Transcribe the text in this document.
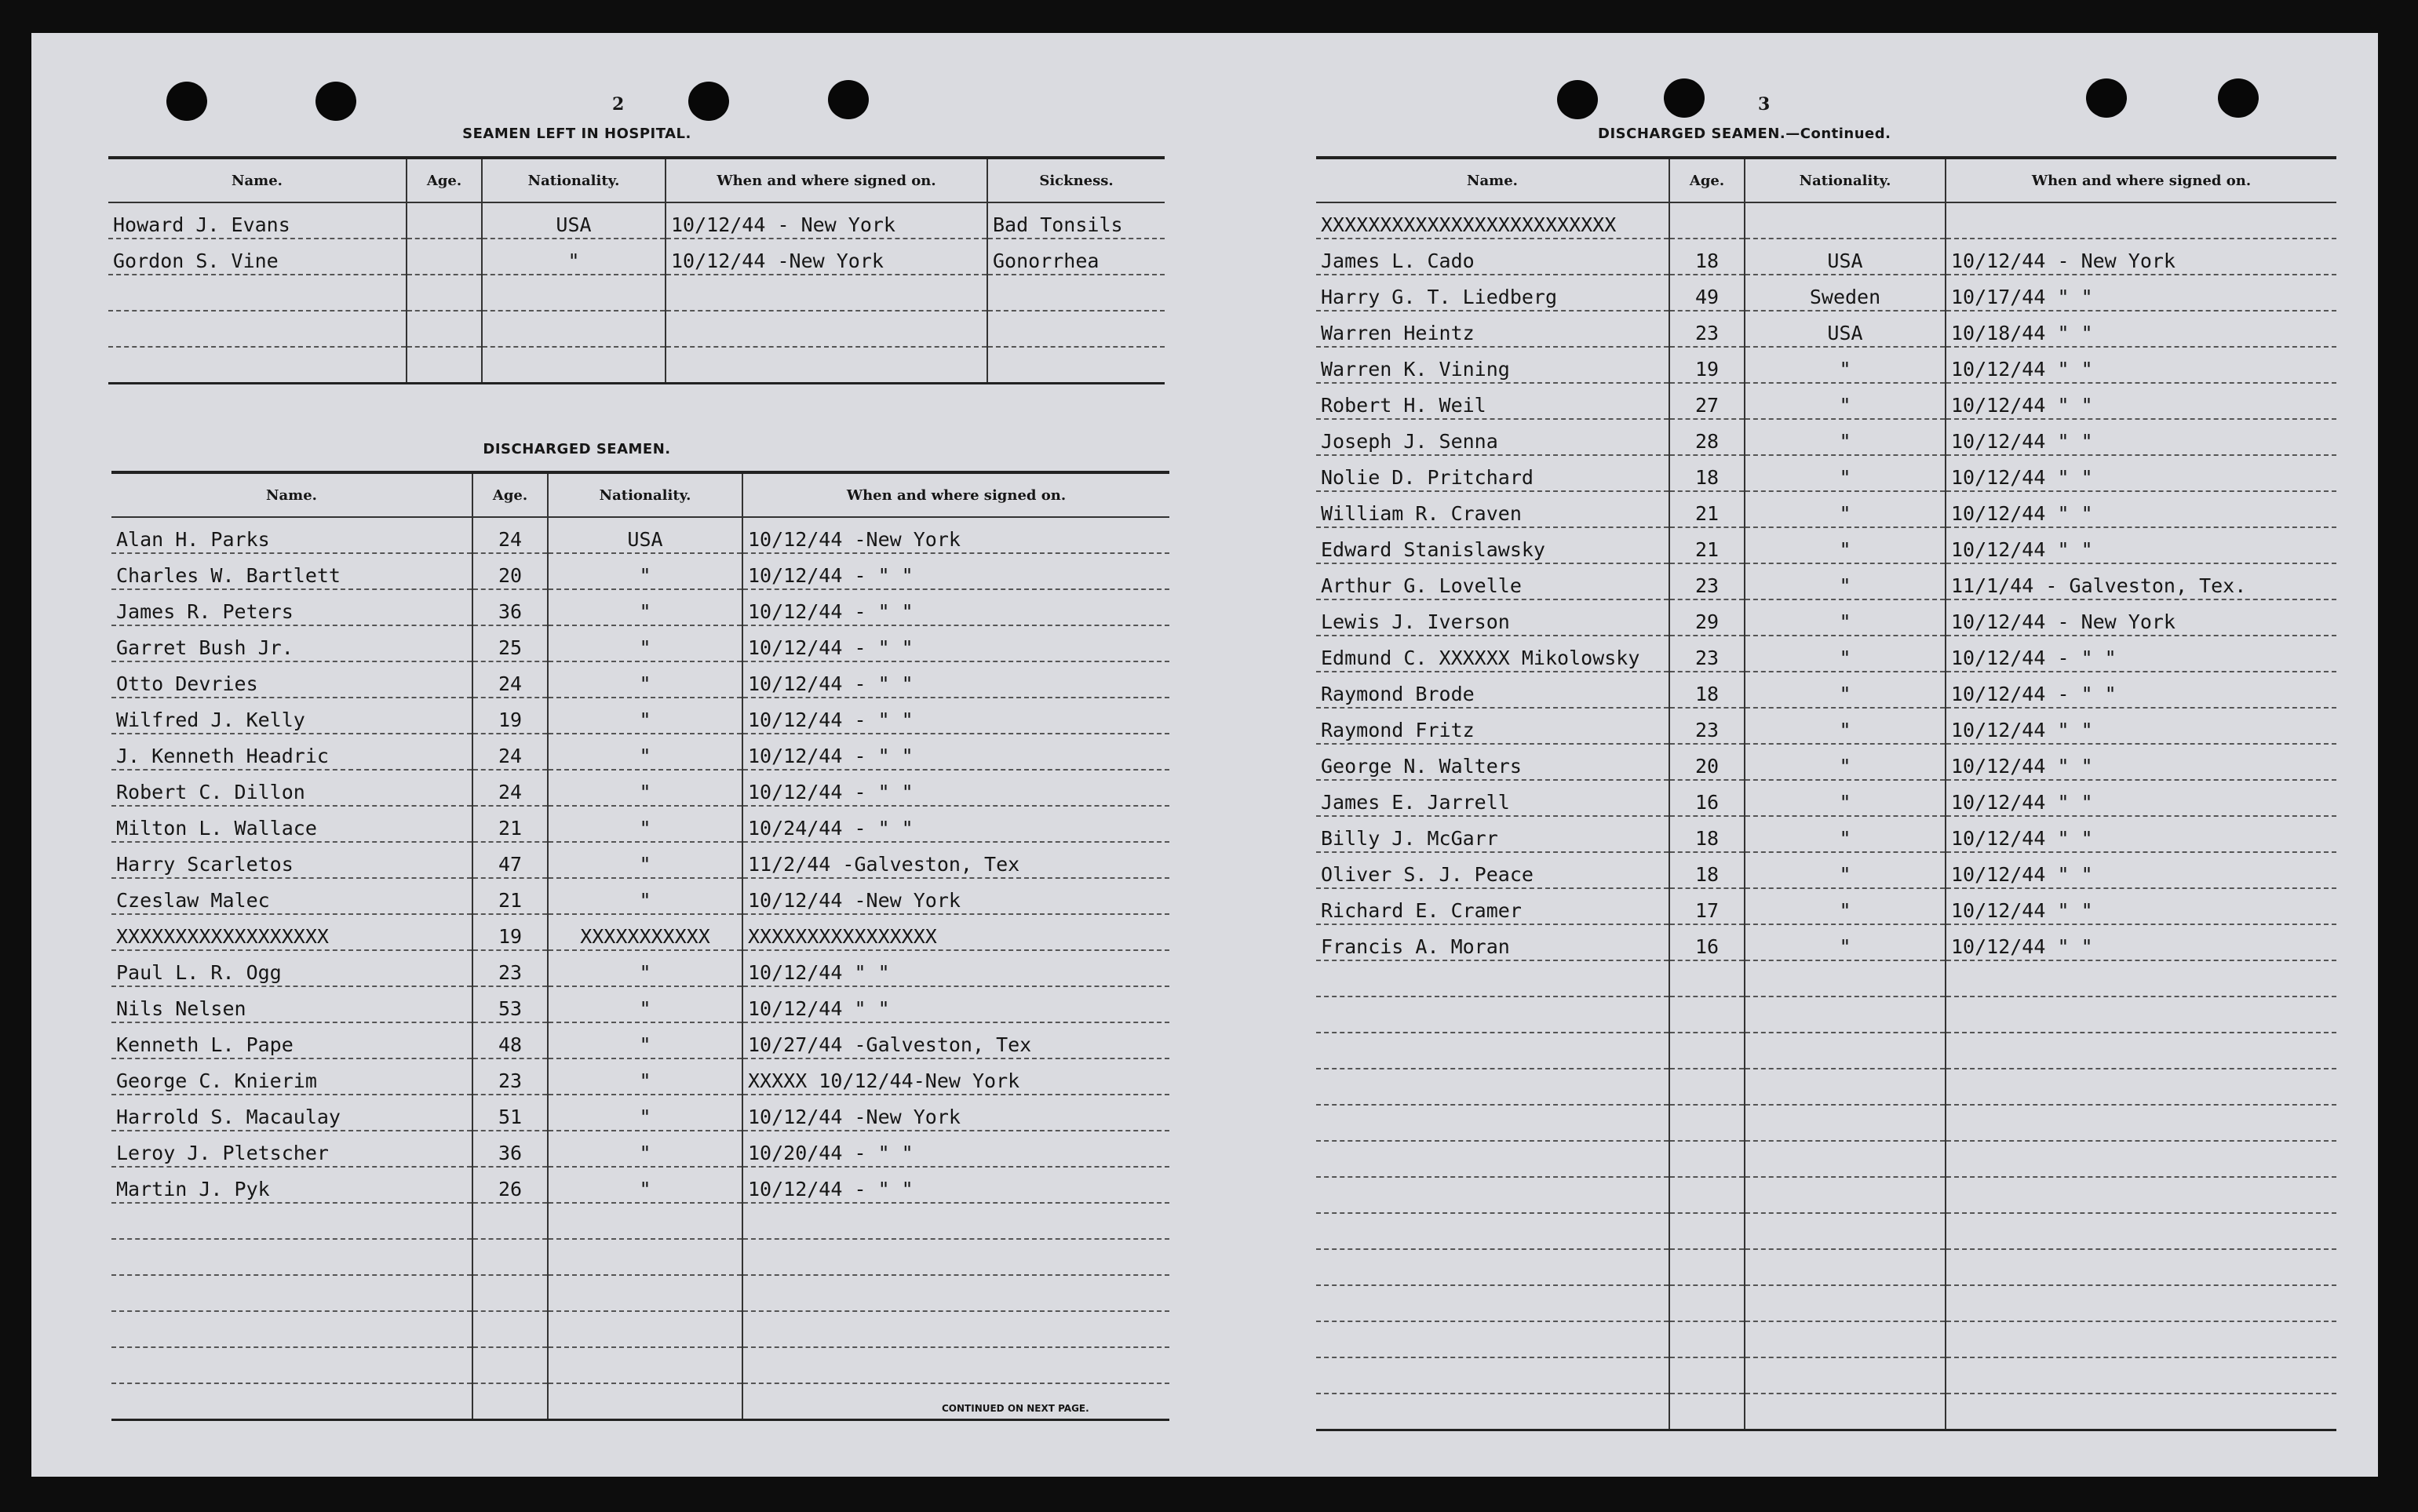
2
SEAMEN LEFT IN HOSPITAL.
Name.	Age.	Nationality.	When and where signed on.	Sickness.
Howard J. Evans		USA	10/12/44 - New York	Bad Tonsils
Gordon S. Vine		"	10/12/44 -New York	Gonorrhea

DISCHARGED SEAMEN.
Name.	Age.	Nationality.	When and where signed on.
Alan H. Parks	24	USA	10/12/44 -New York
Charles W. Bartlett	20	"	10/12/44 - " "
James R. Peters	36	"	10/12/44 - " "
Garret Bush Jr.	25	"	10/12/44 - " "
Otto Devries	24	"	10/12/44 - " "
Wilfred J. Kelly	19	"	10/12/44 - " "
J. Kenneth Headric	24	"	10/12/44 - " "
Robert C. Dillon	24	"	10/12/44 - " "
Milton L. Wallace	21	"	10/24/44 - " "
Harry Scarletos	47	"	11/2/44 -Galveston, Tex
Czeslaw Malec	21	"	10/12/44 -New York
XXXXXXXXXXXXXXXXXX	19	XXXXXXXXXXX	XXXXXXXXXXXXXXXX
Paul L. R. Ogg	23	"	10/12/44 " "
Nils Nelsen	53	"	10/12/44 " "
Kenneth L. Pape	48	"	10/27/44 -Galveston, Tex
George C. Knierim	23	"	XXXXX 10/12/44-New York
Harrold S. Macaulay	51	"	10/12/44 -New York
Leroy J. Pletscher	36	"	10/20/44 - " "
Martin J. Pyk	26	"	10/12/44 - " "

CONTINUED ON NEXT PAGE.
3
DISCHARGED SEAMEN.—Continued.
Name.	Age.	Nationality.	When and where signed on.
XXXXXXXXXXXXXXXXXXXXXXXXX			
James L. Cado	18	USA	10/12/44 - New York
Harry G. T. Liedberg	49	Sweden	10/17/44 " "
Warren Heintz	23	USA	10/18/44 " "
Warren K. Vining	19	"	10/12/44 " "
Robert H. Weil	27	"	10/12/44 " "
Joseph J. Senna	28	"	10/12/44 " "
Nolie D. Pritchard	18	"	10/12/44 " "
William R. Craven	21	"	10/12/44 " "
Edward Stanislawsky	21	"	10/12/44 " "
Arthur G. Lovelle	23	"	11/1/44 - Galveston, Tex.
Lewis J. Iverson	29	"	10/12/44 - New York
Edmund C. XXXXXX Mikolowsky	23	"	10/12/44 - " "
Raymond Brode	18	"	10/12/44 - " "
Raymond Fritz	23	"	10/12/44 " "
George N. Walters	20	"	10/12/44 " "
James E. Jarrell	16	"	10/12/44 " "
Billy J. McGarr	18	"	10/12/44 " "
Oliver S. J. Peace	18	"	10/12/44 " "
Richard E. Cramer	17	"	10/12/44 " "
Francis A. Moran	16	"	10/12/44 " "
